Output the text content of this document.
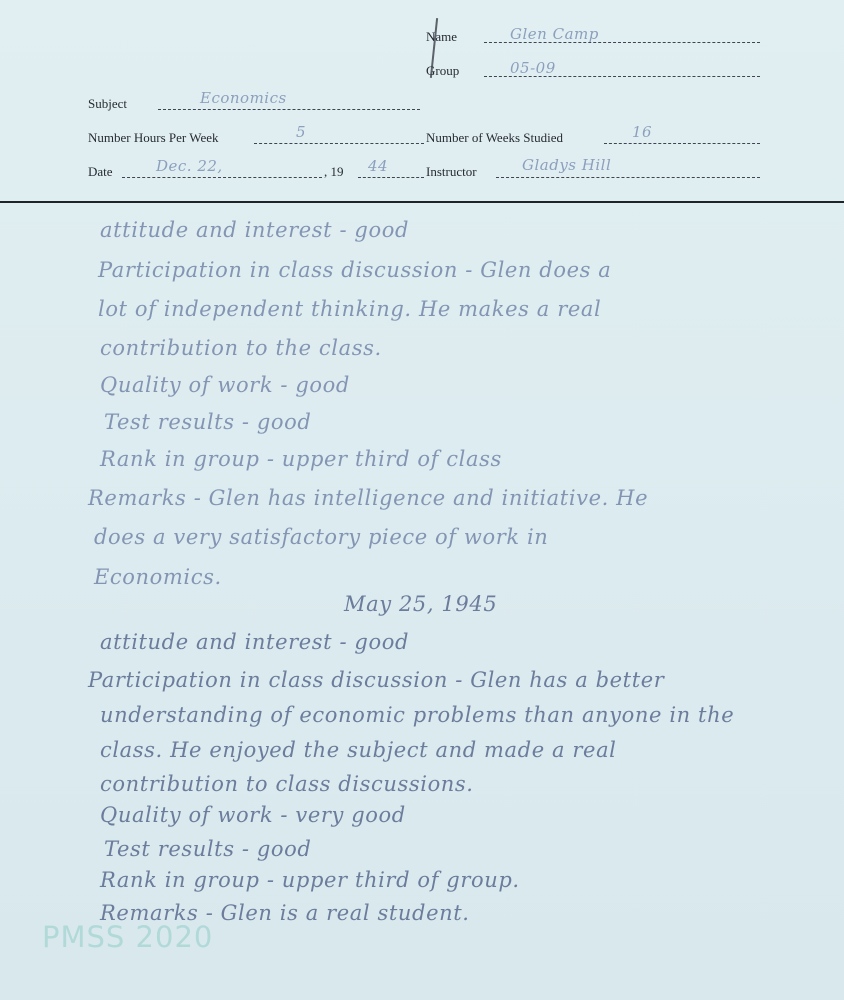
Name	Glen Camp
Group	05-09
Subject	Economics
Number Hours Per Week	5	Number of Weeks Studied	16
Date	Dec. 22,	, 19 44	Instructor	Gladys Hill
attitude and interest - good
Participation in class discussion - Glen does a
lot of independent thinking. He makes a real
contribution to the class.
Quality of work - good
Test results - good
Rank in group - upper third of class
Remarks - Glen has intelligence and initiative. He
does a very satisfactory piece of work in
Economics.
May 25, 1945
attitude and interest - good
Participation in class discussion - Glen has a better
understanding of economic problems than anyone in the
class. He enjoyed the subject and made a real
contribution to class discussions.
Quality of work - very good
Test results - good
Rank in group - upper third of group.
Remarks - Glen is a real student.
PMSS 2020
